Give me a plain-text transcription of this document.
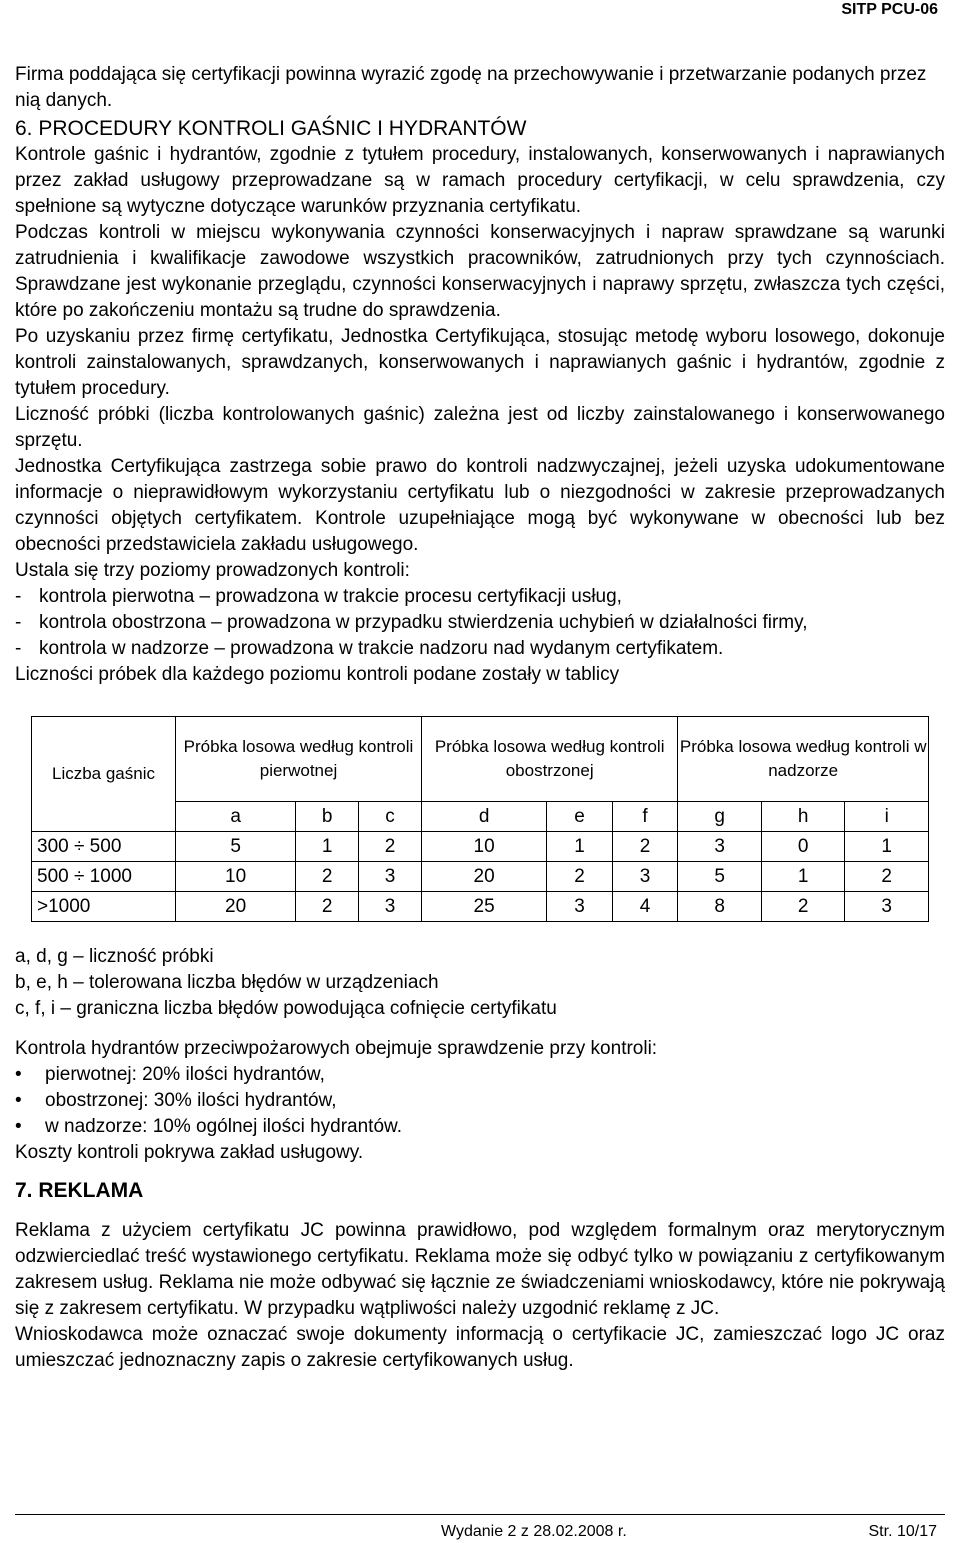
SITP PCU-06

Firma poddająca się certyfikacji powinna wyrazić zgodę na przechowywanie i przetwarzanie podanych przez nią danych.

6. PROCEDURY KONTROLI GAŚNIC I HYDRANTÓW

Kontrole gaśnic i hydrantów, zgodnie z tytułem procedury, instalowanych, konserwowanych i naprawianych przez zakład usługowy przeprowadzane są w ramach procedury certyfikacji, w celu sprawdzenia, czy spełnione są wytyczne dotyczące warunków przyznania certyfikatu.

Podczas kontroli w miejscu wykonywania czynności konserwacyjnych i napraw sprawdzane są warunki zatrudnienia i kwalifikacje zawodowe wszystkich pracowników, zatrudnionych przy tych czynnościach. Sprawdzane jest wykonanie przeglądu, czynności konserwacyjnych i naprawy sprzętu, zwłaszcza tych części, które po zakończeniu montażu są trudne do sprawdzenia.

Po uzyskaniu przez firmę certyfikatu, Jednostka Certyfikująca, stosując metodę wyboru losowego, dokonuje kontroli zainstalowanych, sprawdzanych, konserwowanych i naprawianych gaśnic i hydrantów, zgodnie z tytułem procedury.

Liczność próbki (liczba kontrolowanych gaśnic) zależna jest od liczby zainstalowanego i konserwowanego sprzętu.

Jednostka Certyfikująca zastrzega sobie prawo do kontroli nadzwyczajnej, jeżeli uzyska udokumentowane informacje o nieprawidłowym wykorzystaniu certyfikatu lub o niezgodności w zakresie przeprowadzanych czynności objętych certyfikatem. Kontrole uzupełniające mogą być wykonywane w obecności lub bez obecności przedstawiciela zakładu usługowego.

Ustala się trzy poziomy prowadzonych kontroli:

- kontrola pierwotna – prowadzona w trakcie procesu certyfikacji usług,
- kontrola obostrzona – prowadzona w przypadku stwierdzenia uchybień w działalności firmy,
- kontrola w nadzorze – prowadzona w trakcie nadzoru nad wydanym certyfikatem.

Liczności próbek dla każdego poziomu kontroli podane zostały w tablicy

Liczba gaśnic	Próbka losowa według kontroli pierwotnej			Próbka losowa według kontroli obostrzonej			Próbka losowa według kontroli w nadzorze		
	a	b	c	d	e	f	g	h	i
300 ÷ 500	5	1	2	10	1	2	3	0	1
500 ÷ 1000	10	2	3	20	2	3	5	1	2
>1000	20	2	3	25	3	4	8	2	3

a, d, g – liczność próbki

b, e, h – tolerowana liczba błędów w urządzeniach

c, f, i – graniczna liczba błędów powodująca cofnięcie certyfikatu

Kontrola hydrantów przeciwpożarowych obejmuje sprawdzenie przy kontroli:

•	pierwotnej: 20% ilości hydrantów,
•	obostrzonej: 30% ilości hydrantów,
•	w nadzorze: 10% ogólnej ilości hydrantów.

Koszty kontroli pokrywa zakład usługowy.

7. REKLAMA

Reklama z użyciem certyfikatu JC powinna prawidłowo, pod względem formalnym oraz merytorycznym odzwierciedlać treść wystawionego certyfikatu. Reklama może się odbyć tylko w powiązaniu z certyfikowanym zakresem usług. Reklama nie może odbywać się łącznie ze świadczeniami wnioskodawcy, które nie pokrywają się z zakresem certyfikatu. W przypadku wątpliwości należy uzgodnić reklamę z JC.

Wnioskodawca może oznaczać swoje dokumenty informacją o certyfikacie JC, zamieszczać logo JC oraz umieszczać jednoznaczny zapis o zakresie certyfikowanych usług.

Wydanie 2 z 28.02.2008 r.	Str. 10/17
